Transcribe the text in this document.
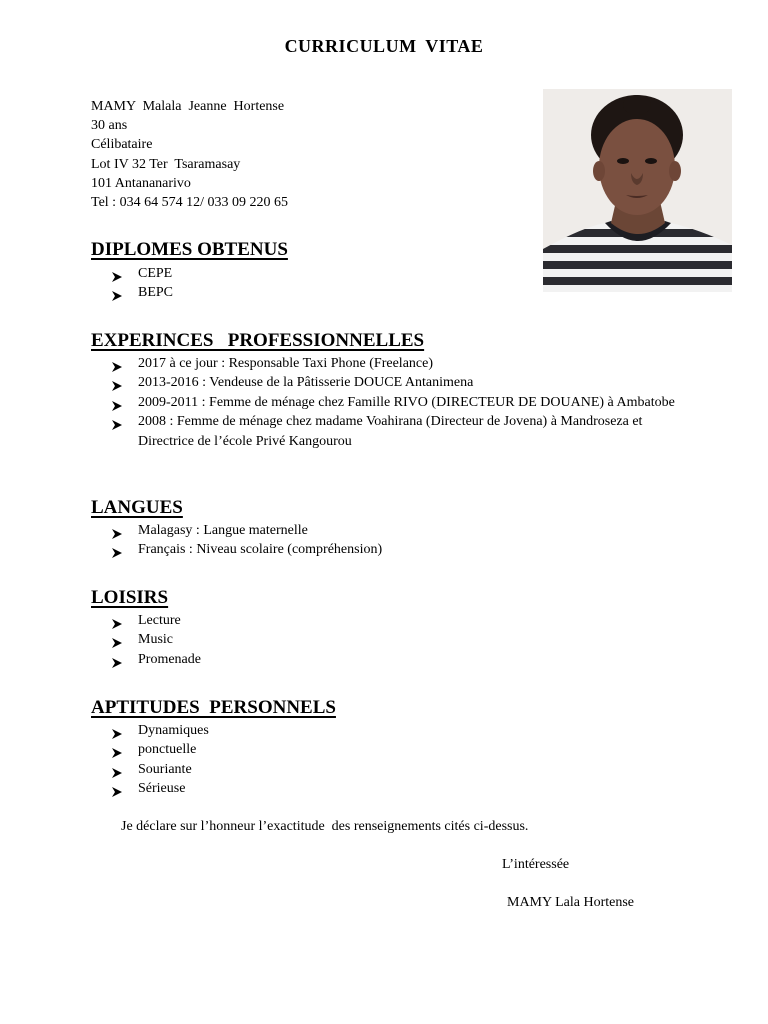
CURRICULUM VITAE
MAMY  Malala  Jeanne  Hortense
30 ans
Célibataire
Lot IV 32 Ter  Tsaramasay
101 Antananarivo
Tel : 034 64 574 12/ 033 09 220 65
DIPLOMES OBTENUS
CEPE
BEPC
EXPERINCES   PROFESSIONNELLES
2017 à ce jour : Responsable Taxi Phone (Freelance)
2013-2016 : Vendeuse de la Pâtisserie DOUCE Antanimena
2009-2011 : Femme de ménage chez Famille RIVO (DIRECTEUR DE DOUANE) à Ambatobe
2008 : Femme de ménage chez madame Voahirana (Directeur de Jovena) à Mandroseza et Directrice de l’école Privé Kangourou
LANGUES
Malagasy : Langue maternelle
Français : Niveau scolaire (compréhension)
LOISIRS
Lecture
Music
Promenade
APTITUDES  PERSONNELS
Dynamiques
ponctuelle
Souriante
Sérieuse
Je déclare sur l’honneur l’exactitude  des renseignements cités ci-dessus.
L’intéressée
MAMY Lala Hortense
